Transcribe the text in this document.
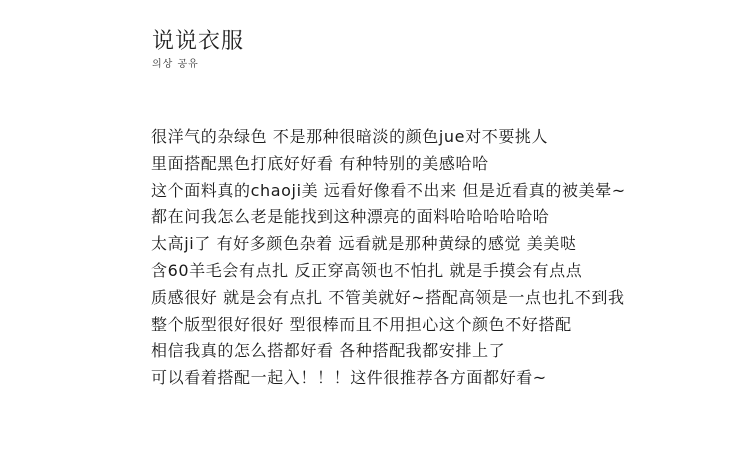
说说衣服
의상 공유
很洋气的杂绿色 不是那种很暗淡的颜色jue对不要挑人
里面搭配黑色打底好好看 有种特别的美感哈哈
这个面料真的chaoji美 远看好像看不出来 但是近看真的被美晕~
都在问我怎么老是能找到这种漂亮的面料哈哈哈哈哈哈
太高ji了 有好多颜色杂着 远看就是那种黄绿的感觉 美美哒
含60羊毛会有点扎 反正穿高领也不怕扎 就是手摸会有点点
质感很好 就是会有点扎 不管美就好~搭配高领是一点也扎不到我
整个版型很好很好 型很棒而且不用担心这个颜色不好搭配
相信我真的怎么搭都好看 各种搭配我都安排上了
可以看着搭配一起入！！！这件很推荐各方面都好看~
